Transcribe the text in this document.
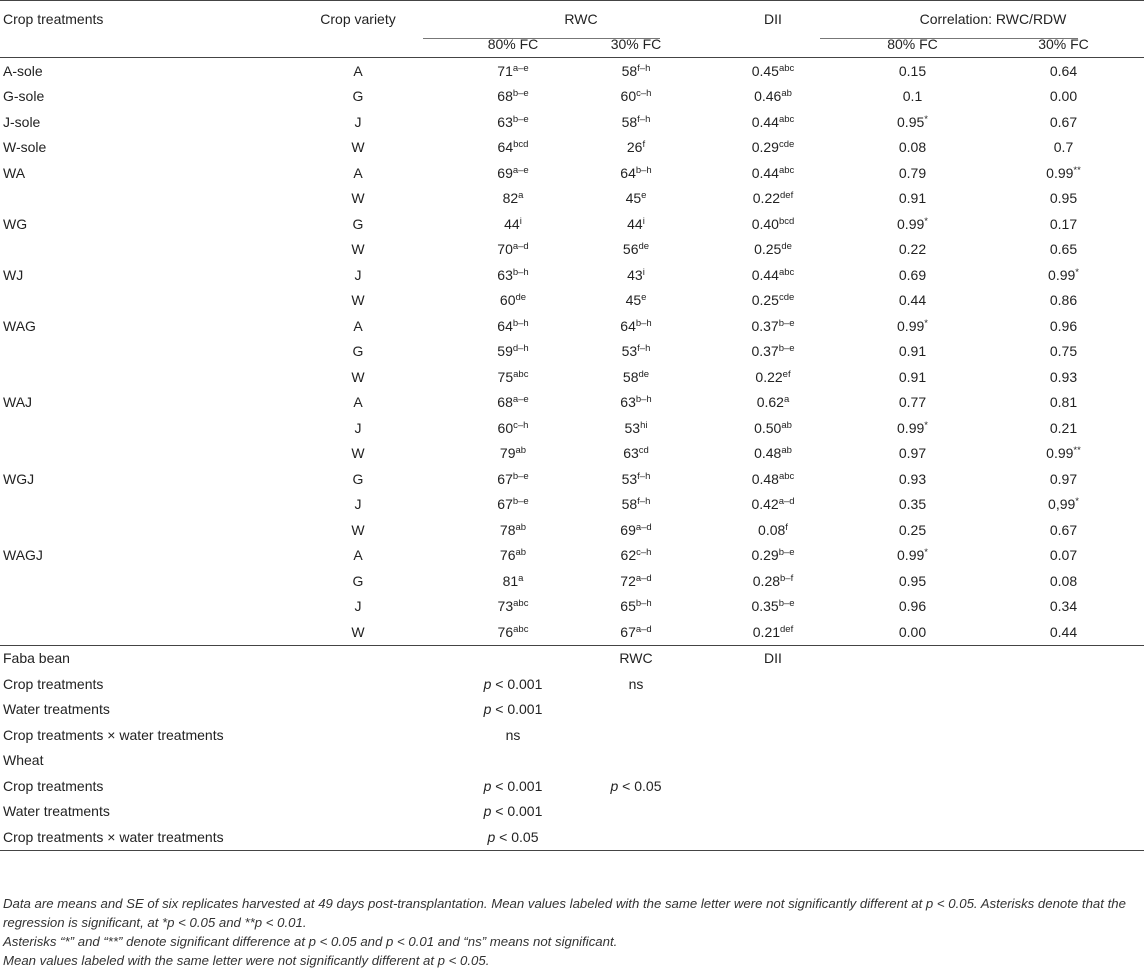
Crop treatments	Crop variety	RWC		DII	Correlation: RWC/RDW	
		80% FC	30% FC		80% FC	30% FC
A-sole	A	71$^{a-e}$	58$^{f-h}$	0.45$^{abc}$	0.15	0.64
G-sole	G	68$^{b-e}$	60$^{c-h}$	0.46$^{ab}$	0.1	0.00
J-sole	J	63$^{b-e}$	58$^{f-h}$	0.44$^{abc}$	0.95*	0.67
W-sole	W	$64^{bcd}$	26$^f$	0.29$^{cde}$	0.08	0.7
WA	A	69$^{a-e}$	64$^{b-h}$	0.44$^{abc}$	0.79	0.99**
	W	82$^a$	45e	0.22$^{def}$	0.91	0.95
WG	G	44$^i$	44$^i$	0.40$^{bcd}$	0.99*	0.17
	W	70$^{a-d}$	56de	0.25de	0.22	0.65
WJ	J	63$^{b-h}$	43$^i$	0.44$^{abc}$	0.69	0.99*
	W	60de	45e	0.25$^{cde}$	0.44	0.86
WAG	A	64$^{b-h}$	64$^{b-h}$	0.37$^{b-e}$	0.99*	0.96
	G	59$^{d-h}$	53$^{f-h}$	0.37$^{b-e}$	0.91	0.75
	W	$75^{abc}$	58de	0.22$^{ef}$	0.91	0.93
WAJ	A	68$^{a-e}$	63$^{b-h}$	0.62$^a$	0.77	0.81
	J	60$^{c-h}$	$53^{hi}$	0.50$^{ab}$	0.99*	0.21
	W	$79^{ab}$	$63^{cd}$	0.48$^{ab}$	0.97	0.99**
WGJ	G	67$^{b-e}$	53$^{f-h}$	0.48$^{abc}$	0.93	0.97
	J	67$^{b-e}$	58$^{f-h}$	0.42$^{a-d}$	0.35	0,99*
	W	$78^{ab}$	69$^{a-d}$	0.08$^f$	0.25	0.67
WAGJ	A	$76^{ab}$	62$^{c-h}$	0.29$^{b-e}$	0.99*	0.07
	G	81$^a$	72$^{a-d}$	0.28$^{b-f}$	0.95	0.08
	J	$73^{abc}$	65$^{b-h}$	0.35$^{b-e}$	0.96	0.34
	W	$76^{abc}$	67$^{a-d}$	0.21$^{def}$	0.00	0.44
Faba bean			RWC	DII		
Crop treatments		p < 0.001	ns			
Water treatments		p < 0.001				
Crop treatments × water treatments		ns				
Wheat						
Crop treatments		p < 0.001	p < 0.05			
Water treatments		p < 0.001				
Crop treatments × water treatments		p < 0.05				

Data are means and SE of six replicates harvested at 49 days post-transplantation. Mean values labeled with the same letter were not significantly different at p < 0.05. Asterisks denote that the regression is significant, at *p < 0.05 and **p < 0.01.

Asterisks “*” and “**” denote significant difference at p < 0.05 and p < 0.01 and “ns” means not significant.

Mean values labeled with the same letter were not significantly different at p < 0.05.
